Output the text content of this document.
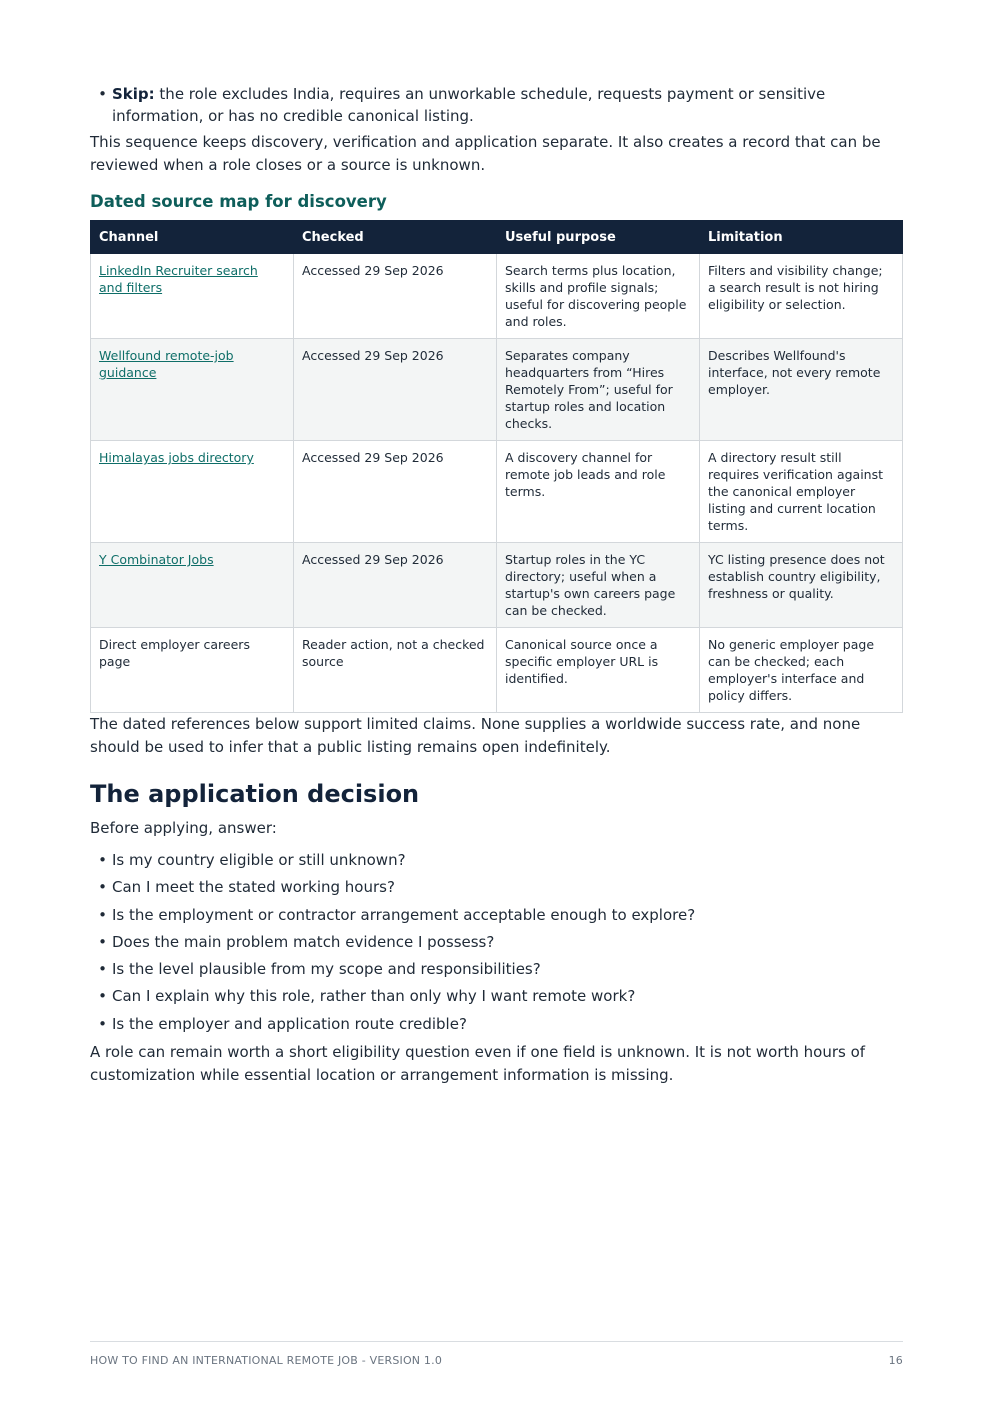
• Skip: the role excludes India, requires an unworkable schedule, requests payment or sensitive information, or has no credible canonical listing.

This sequence keeps discovery, verification and application separate. It also creates a record that can be reviewed when a role closes or a source is unknown.

Dated source map for discovery
Channel	Checked	Useful purpose	Limitation
LinkedIn Recruiter search and filters	Accessed 29 Sep 2026	Search terms plus location, skills and profile signals; useful for discovering people and roles.	Filters and visibility change; a search result is not hiring eligibility or selection.
Wellfound remote-job guidance	Accessed 29 Sep 2026	Separates company headquarters from “Hires Remotely From”; useful for startup roles and location checks.	Describes Wellfound's interface, not every remote employer.
Himalayas jobs directory	Accessed 29 Sep 2026	A discovery channel for remote job leads and role terms.	A directory result still requires verification against the canonical employer listing and current location terms.
Y Combinator Jobs	Accessed 29 Sep 2026	Startup roles in the YC directory; useful when a startup's own careers page can be checked.	YC listing presence does not establish country eligibility, freshness or quality.
Direct employer careers page	Reader action, not a checked source	Canonical source once a specific employer URL is identified.	No generic employer page can be checked; each employer's interface and policy differs.

The dated references below support limited claims. None supplies a worldwide success rate, and none should be used to infer that a public listing remains open indefinitely.

The application decision

Before applying, answer:

• Is my country eligible or still unknown?
• Can I meet the stated working hours?
• Is the employment or contractor arrangement acceptable enough to explore?
• Does the main problem match evidence I possess?
• Is the level plausible from my scope and responsibilities?
• Can I explain why this role, rather than only why I want remote work?
• Is the employer and application route credible?

A role can remain worth a short eligibility question even if one field is unknown. It is not worth hours of customization while essential location or arrangement information is missing.

HOW TO FIND AN INTERNATIONAL REMOTE JOB - VERSION 1.0	16
